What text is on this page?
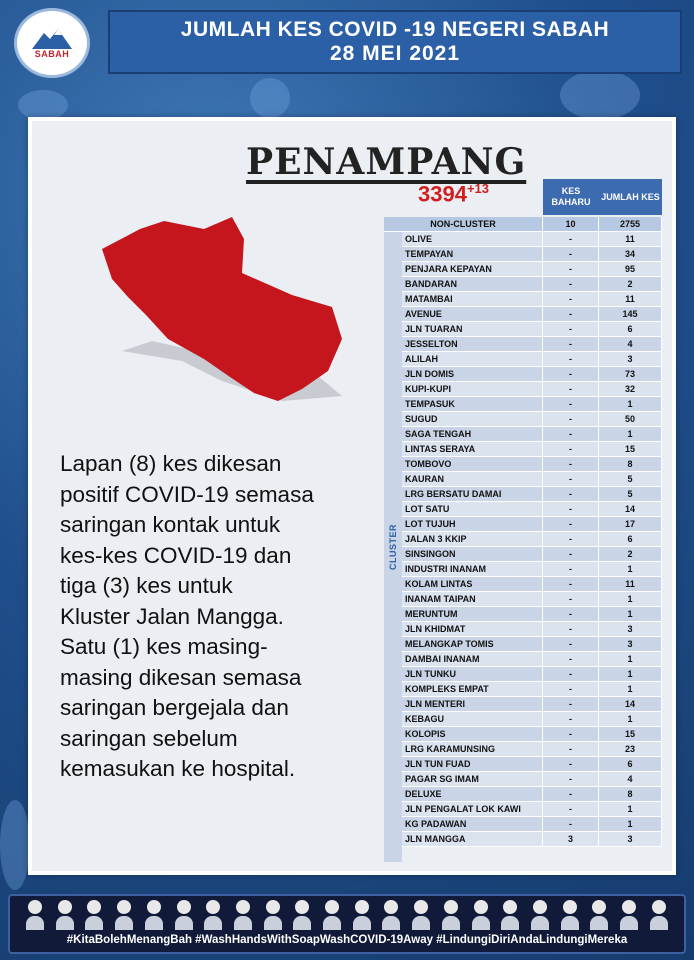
SABAH
JUMLAH KES COVID -19 NEGERI SABAH
28 MEI 2021
PENAMPANG
$3394^{+13}$	KES BAHARU
JUMLAH KES
NON-CLUSTER	10	2755
OLIVE	-	11
TEMPAYAN	-	34
PENJARA KEPAYAN	-	95
BANDARAN	-	2
MATAMBAI	-	11
AVENUE	-	145
JLN TUARAN	-	6
JESSELTON	-	4
ALILAH	-	3
JLN DOMIS	-	73
KUPI-KUPI	-	32
TEMPASUK	-	1
SUGUD	-	50
SAGA TENGAH	-	1
LINTAS SERAYA	-	15
TOMBOVO	-	8
KAURAN	-	5
LRG BERSATU DAMAI	-	5
LOT SATU	-	14
LOT TUJUH	-	17
JALAN 3 KKIP	-	6
SINSINGON	-	2
INDUSTRI INANAM	-	1
KOLAM LINTAS	-	11
INANAM TAIPAN	-	1
MERUNTUM	-	1
JLN KHIDMAT	-	3
MELANGKAP TOMIS	-	3
DAMBAI INANAM	-	1
JLN TUNKU	-	1
KOMPLEKS EMPAT	-	1
JLN MENTERI	-	14
KEBAGU	-	1
KOLOPIS	-	15
LRG KARAMUNSING	-	23
JLN TUN FUAD	-	6
PAGAR SG IMAM	-	4
DELUXE	-	8
JLN PENGALAT LOK KAWI	-	1
KG PADAWAN	-	1
JLN MANGGA	3	3
CLUSTER
Lapan (8) kes dikesan
positif COVID-19 semasa
saringan kontak untuk
kes-kes COVID-19 dan
tiga (3) kes untuk
Kluster Jalan Mangga.
Satu (1) kes masing-
masing dikesan semasa
saringan bergejala dan
saringan sebelum
kemasukan ke hospital.
#KitaBolehMenangBah #WashHandsWithSoapWashCOVID-19Away #LindungiDiriAndaLindungiMereka
